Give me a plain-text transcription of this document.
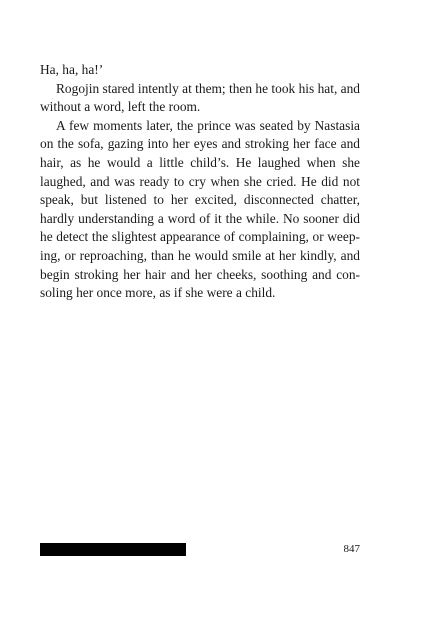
Ha, ha, ha!’

Rogojin stared intently at them; then he took his hat, and without a word, left the room.

A few moments later, the prince was seated by Nastasia on the sofa, gazing into her eyes and stroking her face and hair, as he would a little child’s. He laughed when she laughed, and was ready to cry when she cried. He did not speak, but listened to her excited, disconnected chatter, hardly understanding a word of it the while. No sooner did he detect the slightest appearance of complaining, or weeping, or reproaching, than he would smile at her kindly, and begin stroking her hair and her cheeks, soothing and consoling her once more, as if she were a child.

847
